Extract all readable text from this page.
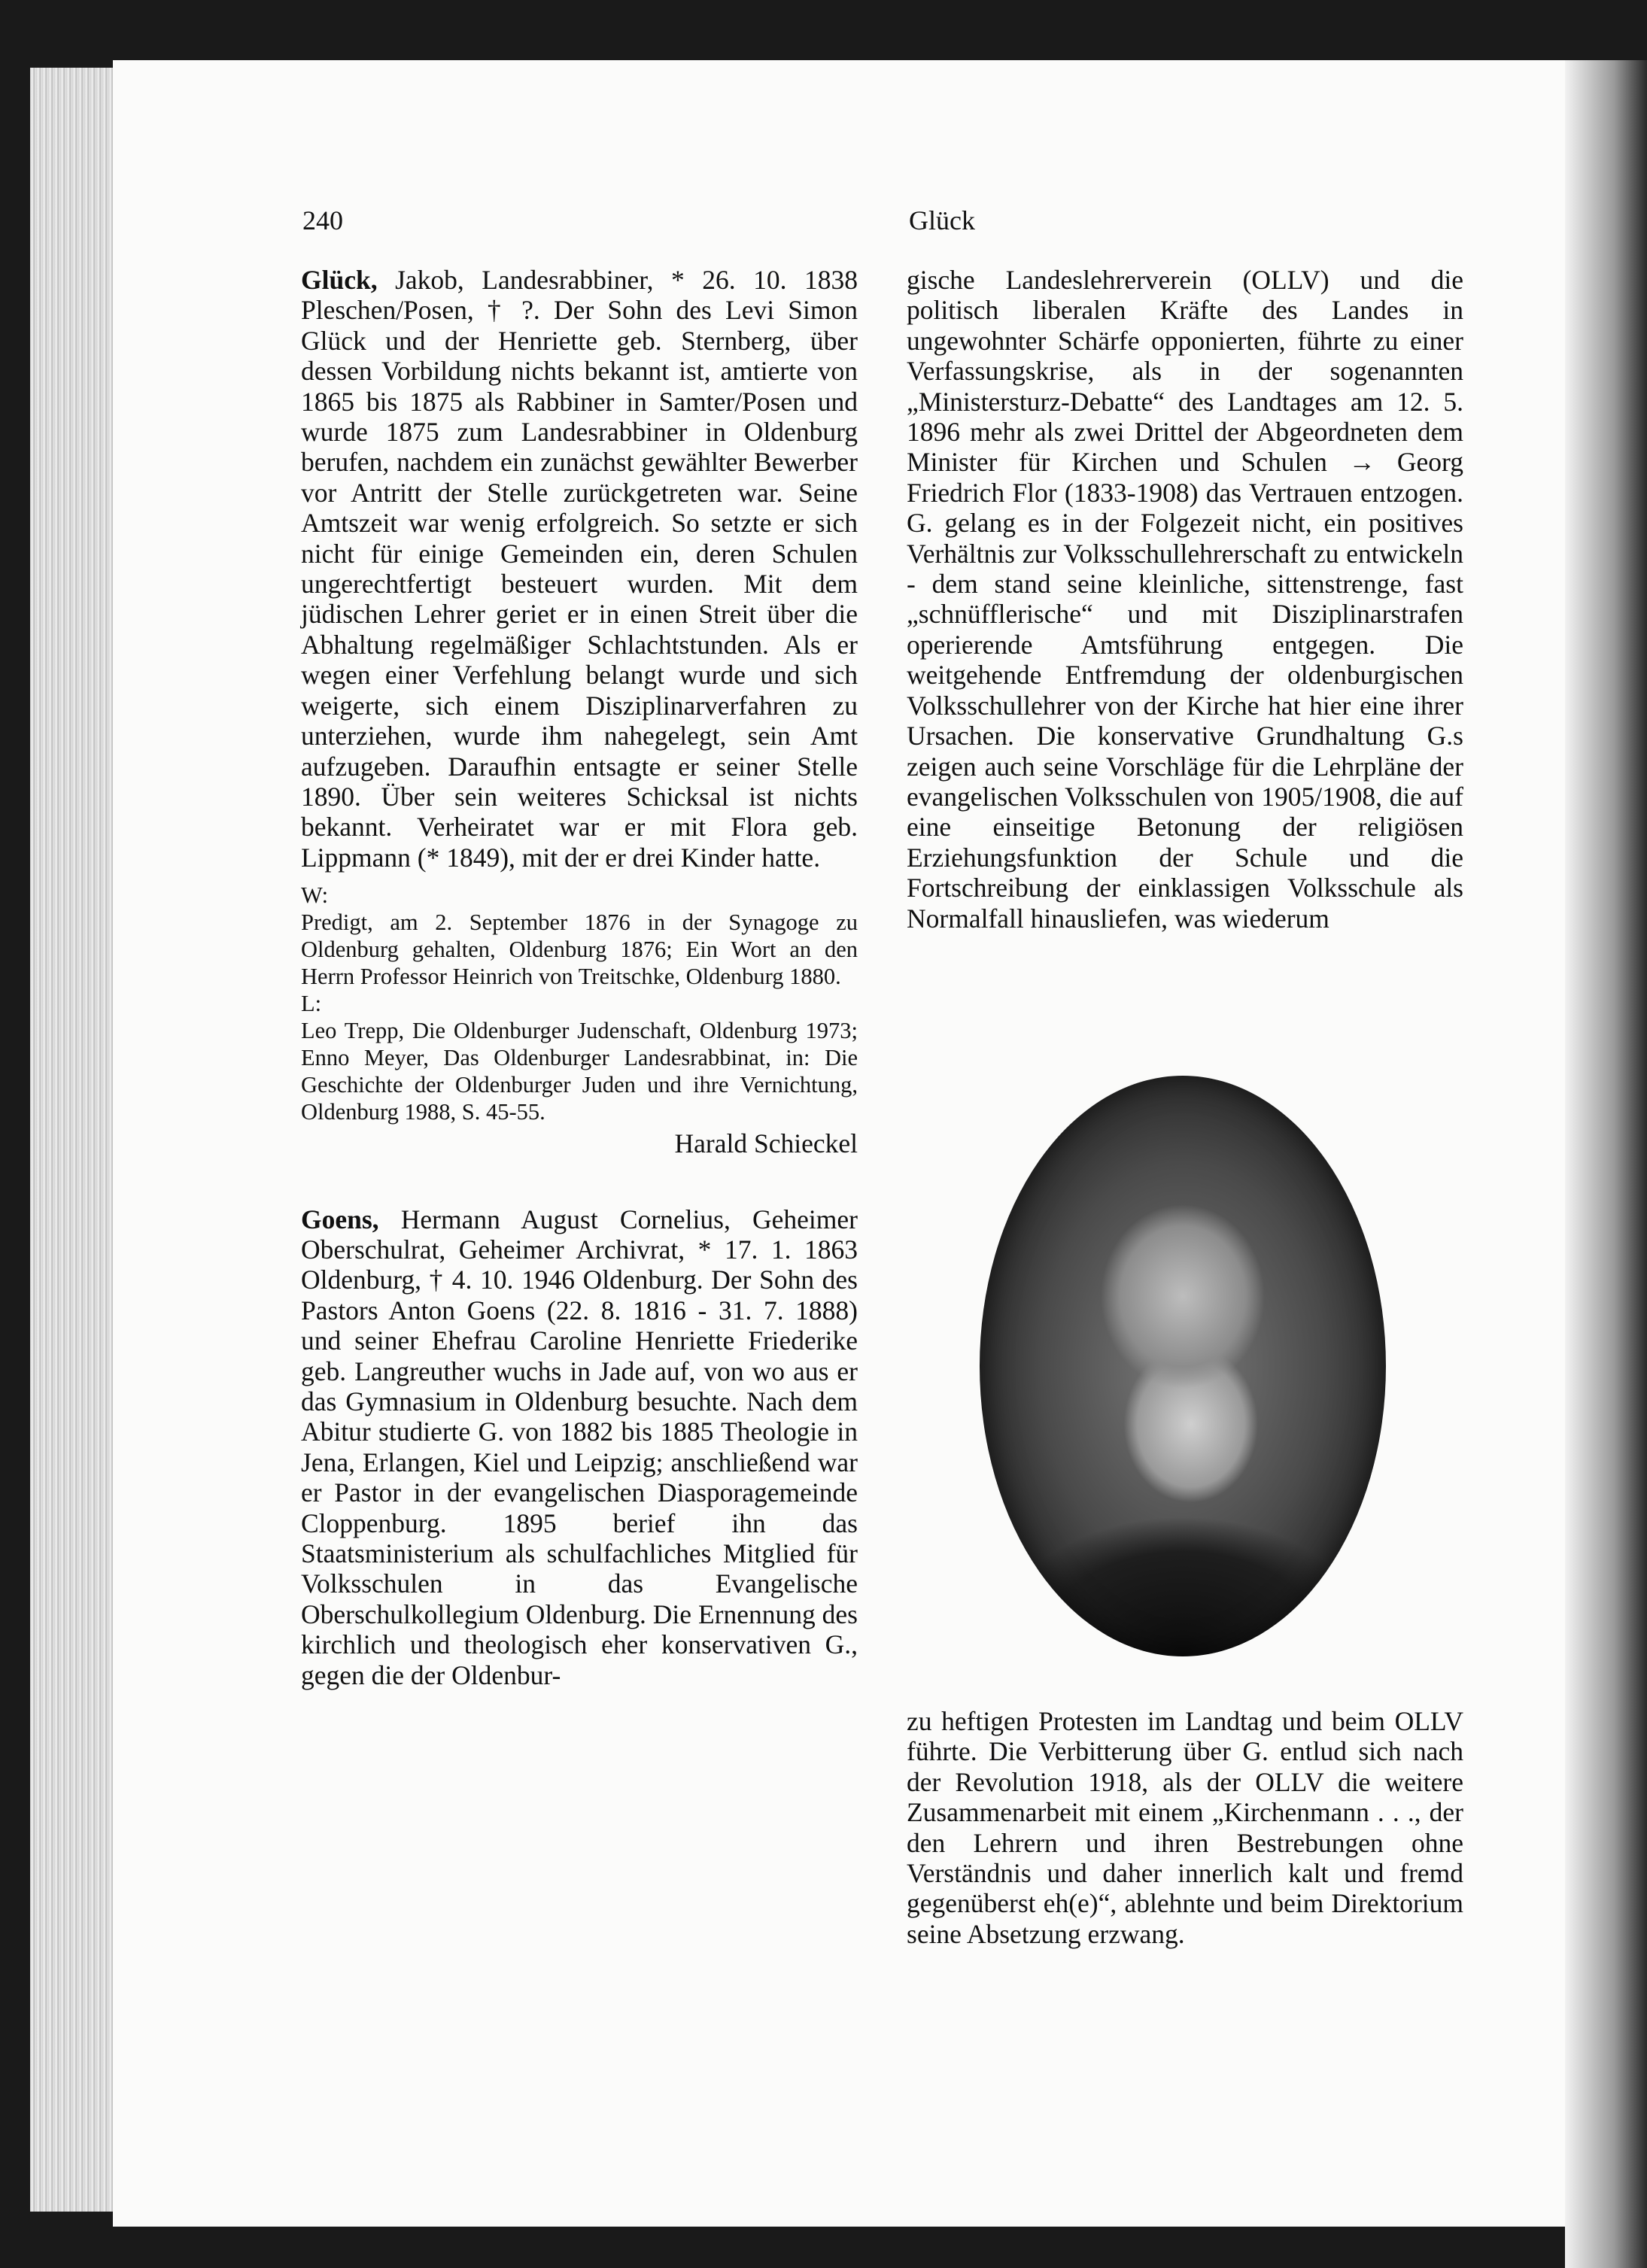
240	Glück

Glück, Jakob, Landesrabbiner, * 26. 10. 1838 Pleschen/Posen, † ?. Der Sohn des Levi Simon Glück und der Henriette geb. Sternberg, über dessen Vorbildung nichts bekannt ist, amtierte von 1865 bis 1875 als Rabbiner in Samter/Posen und wurde 1875 zum Landesrabbiner in Oldenburg berufen, nachdem ein zunächst gewählter Bewerber vor Antritt der Stelle zurückgetreten war. Seine Amtszeit war wenig erfolgreich. So setzte er sich nicht für einige Gemeinden ein, deren Schulen ungerechtfertigt besteuert wurden. Mit dem jüdischen Lehrer geriet er in einen Streit über die Abhaltung regelmäßiger Schlachtstunden. Als er wegen einer Verfehlung belangt wurde und sich weigerte, sich einem Disziplinarverfahren zu unterziehen, wurde ihm nahegelegt, sein Amt aufzugeben. Daraufhin entsagte er seiner Stelle 1890. Über sein weiteres Schicksal ist nichts bekannt. Verheiratet war er mit Flora geb. Lippmann (* 1849), mit der er drei Kinder hatte.

W:

Predigt, am 2. September 1876 in der Synagoge zu Oldenburg gehalten, Oldenburg 1876; Ein Wort an den Herrn Professor Heinrich von Treitschke, Oldenburg 1880.

L:

Leo Trepp, Die Oldenburger Judenschaft, Oldenburg 1973; Enno Meyer, Das Oldenburger Landesrabbinat, in: Die Geschichte der Oldenburger Juden und ihre Vernichtung, Oldenburg 1988, S. 45-55.

Harald Schieckel

Goens, Hermann August Cornelius, Geheimer Oberschulrat, Geheimer Archivrat, * 17. 1. 1863 Oldenburg, † 4. 10. 1946 Oldenburg. Der Sohn des Pastors Anton Goens (22. 8. 1816 - 31. 7. 1888) und seiner Ehefrau Caroline Henriette Friederike geb. Langreuther wuchs in Jade auf, von wo aus er das Gymnasium in Oldenburg besuchte. Nach dem Abitur studierte G. von 1882 bis 1885 Theologie in Jena, Erlangen, Kiel und Leipzig; anschließend war er Pastor in der evangelischen Diasporagemeinde Cloppenburg. 1895 berief ihn das Staatsministerium als schulfachliches Mitglied für Volksschulen in das Evangelische Oberschulkollegium Oldenburg. Die Ernennung des kirchlich und theologisch eher konservativen G., gegen die der Oldenbur-

gische Landeslehrerverein (OLLV) und die politisch liberalen Kräfte des Landes in ungewohnter Schärfe opponierten, führte zu einer Verfassungskrise, als in der sogenannten „Ministersturz-Debatte“ des Landtages am 12. 5. 1896 mehr als zwei Drittel der Abgeordneten dem Minister für Kirchen und Schulen → Georg Friedrich Flor (1833-1908) das Vertrauen entzogen. G. gelang es in der Folgezeit nicht, ein positives Verhältnis zur Volksschullehrerschaft zu entwickeln - dem stand seine kleinliche, sittenstrenge, fast „schnüfflerische“ und mit Disziplinarstrafen operierende Amtsführung entgegen. Die weitgehende Entfremdung der oldenburgischen Volksschullehrer von der Kirche hat hier eine ihrer Ursachen. Die konservative Grundhaltung G.s zeigen auch seine Vorschläge für die Lehrpläne der evangelischen Volksschulen von 1905/1908, die auf eine einseitige Betonung der religiösen Erziehungsfunktion der Schule und die Fortschreibung der einklassigen Volksschule als Normalfall hinausliefen, was wiederum

zu heftigen Protesten im Landtag und beim OLLV führte. Die Verbitterung über G. entlud sich nach der Revolution 1918, als der OLLV die weitere Zusammenarbeit mit einem „Kirchenmann . . ., der den Lehrern und ihren Bestrebungen ohne Verständnis und daher innerlich kalt und fremd gegenüberst eh(e)“, ablehnte und beim Direktorium seine Absetzung erzwang.
